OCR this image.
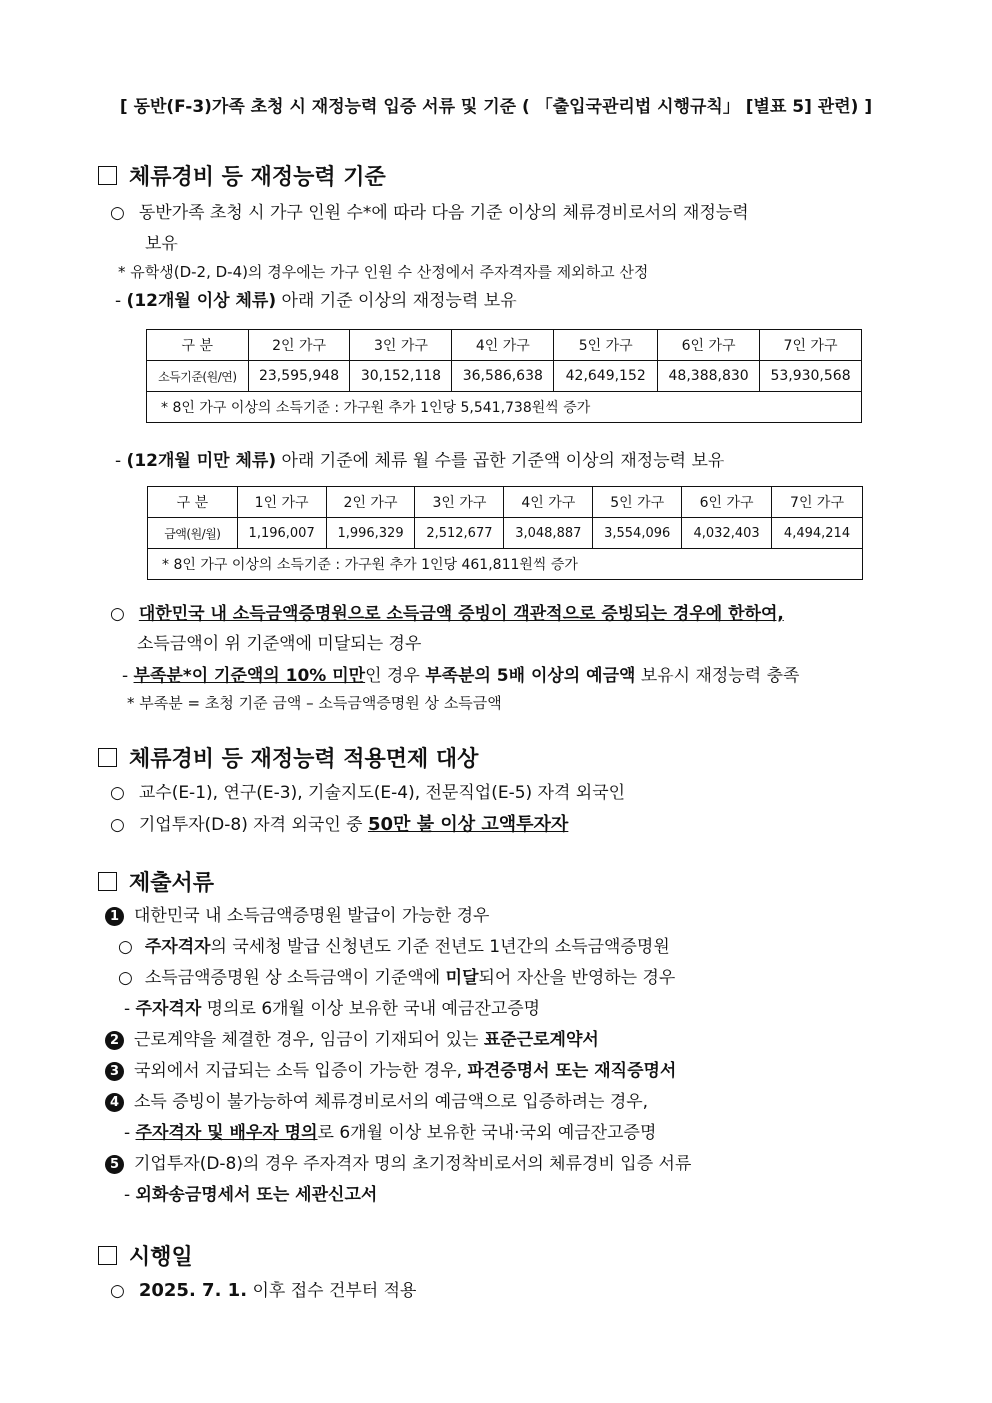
[ 동반(F-3)가족 초청 시 재정능력 입증 서류 및 기준 ( 「출입국관리법 시행규칙」 [별표 5] 관련) ]
체류경비 등 재정능력 기준
○ 동반가족 초청 시 가구 인원 수*에 따라 다음 기준 이상의 체류경비로서의 재정능력
보유
* 유학생(D-2, D-4)의 경우에는 가구 인원 수 산정에서 주자격자를 제외하고 산정
- (12개월 이상 체류) 아래 기준 이상의 재정능력 보유
구 분	2인 가구	3인 가구	4인 가구	5인 가구	6인 가구	7인 가구
소득기준(원/연)	23,595,948	30,152,118	36,586,638	42,649,152	48,388,830	53,930,568
* 8인 가구 이상의 소득기준 : 가구원 추가 1인당 5,541,738원씩 증가						
- (12개월 미만 체류) 아래 기준에 체류 월 수를 곱한 기준액 이상의 재정능력 보유
구 분	1인 가구	2인 가구	3인 가구	4인 가구	5인 가구	6인 가구	7인 가구
금액(원/월)	1,196,007	1,996,329	2,512,677	3,048,887	3,554,096	4,032,403	4,494,214
* 8인 가구 이상의 소득기준 : 가구원 추가 1인당 461,811원씩 증가							
○ 대한민국 내 소득금액증명원으로 소득금액 증빙이 객관적으로 증빙되는 경우에 한하여,
소득금액이 위 기준액에 미달되는 경우
- 부족분*이 기준액의 10% 미만인 경우 부족분의 5배 이상의 예금액 보유시 재정능력 충족
* 부족분 = 초청 기준 금액 – 소득금액증명원 상 소득금액
체류경비 등 재정능력 적용면제 대상
○ 교수(E-1), 연구(E-3), 기술지도(E-4), 전문직업(E-5) 자격 외국인
○ 기업투자(D-8) 자격 외국인 중 50만 불 이상 고액투자자
제출서류
1 대한민국 내 소득금액증명원 발급이 가능한 경우
○ 주자격자의 국세청 발급 신청년도 기준 전년도 1년간의 소득금액증명원
○ 소득금액증명원 상 소득금액이 기준액에 미달되어 자산을 반영하는 경우
- 주자격자 명의로 6개월 이상 보유한 국내 예금잔고증명
2 근로계약을 체결한 경우, 임금이 기재되어 있는 표준근로계약서
3 국외에서 지급되는 소득 입증이 가능한 경우, 파견증명서 또는 재직증명서
4 소득 증빙이 불가능하여 체류경비로서의 예금액으로 입증하려는 경우,
- 주자격자 및 배우자 명의로 6개월 이상 보유한 국내·국외 예금잔고증명
5 기업투자(D-8)의 경우 주자격자 명의 초기정착비로서의 체류경비 입증 서류
- 외화송금명세서 또는 세관신고서
시행일
○ 2025. 7. 1. 이후 접수 건부터 적용
